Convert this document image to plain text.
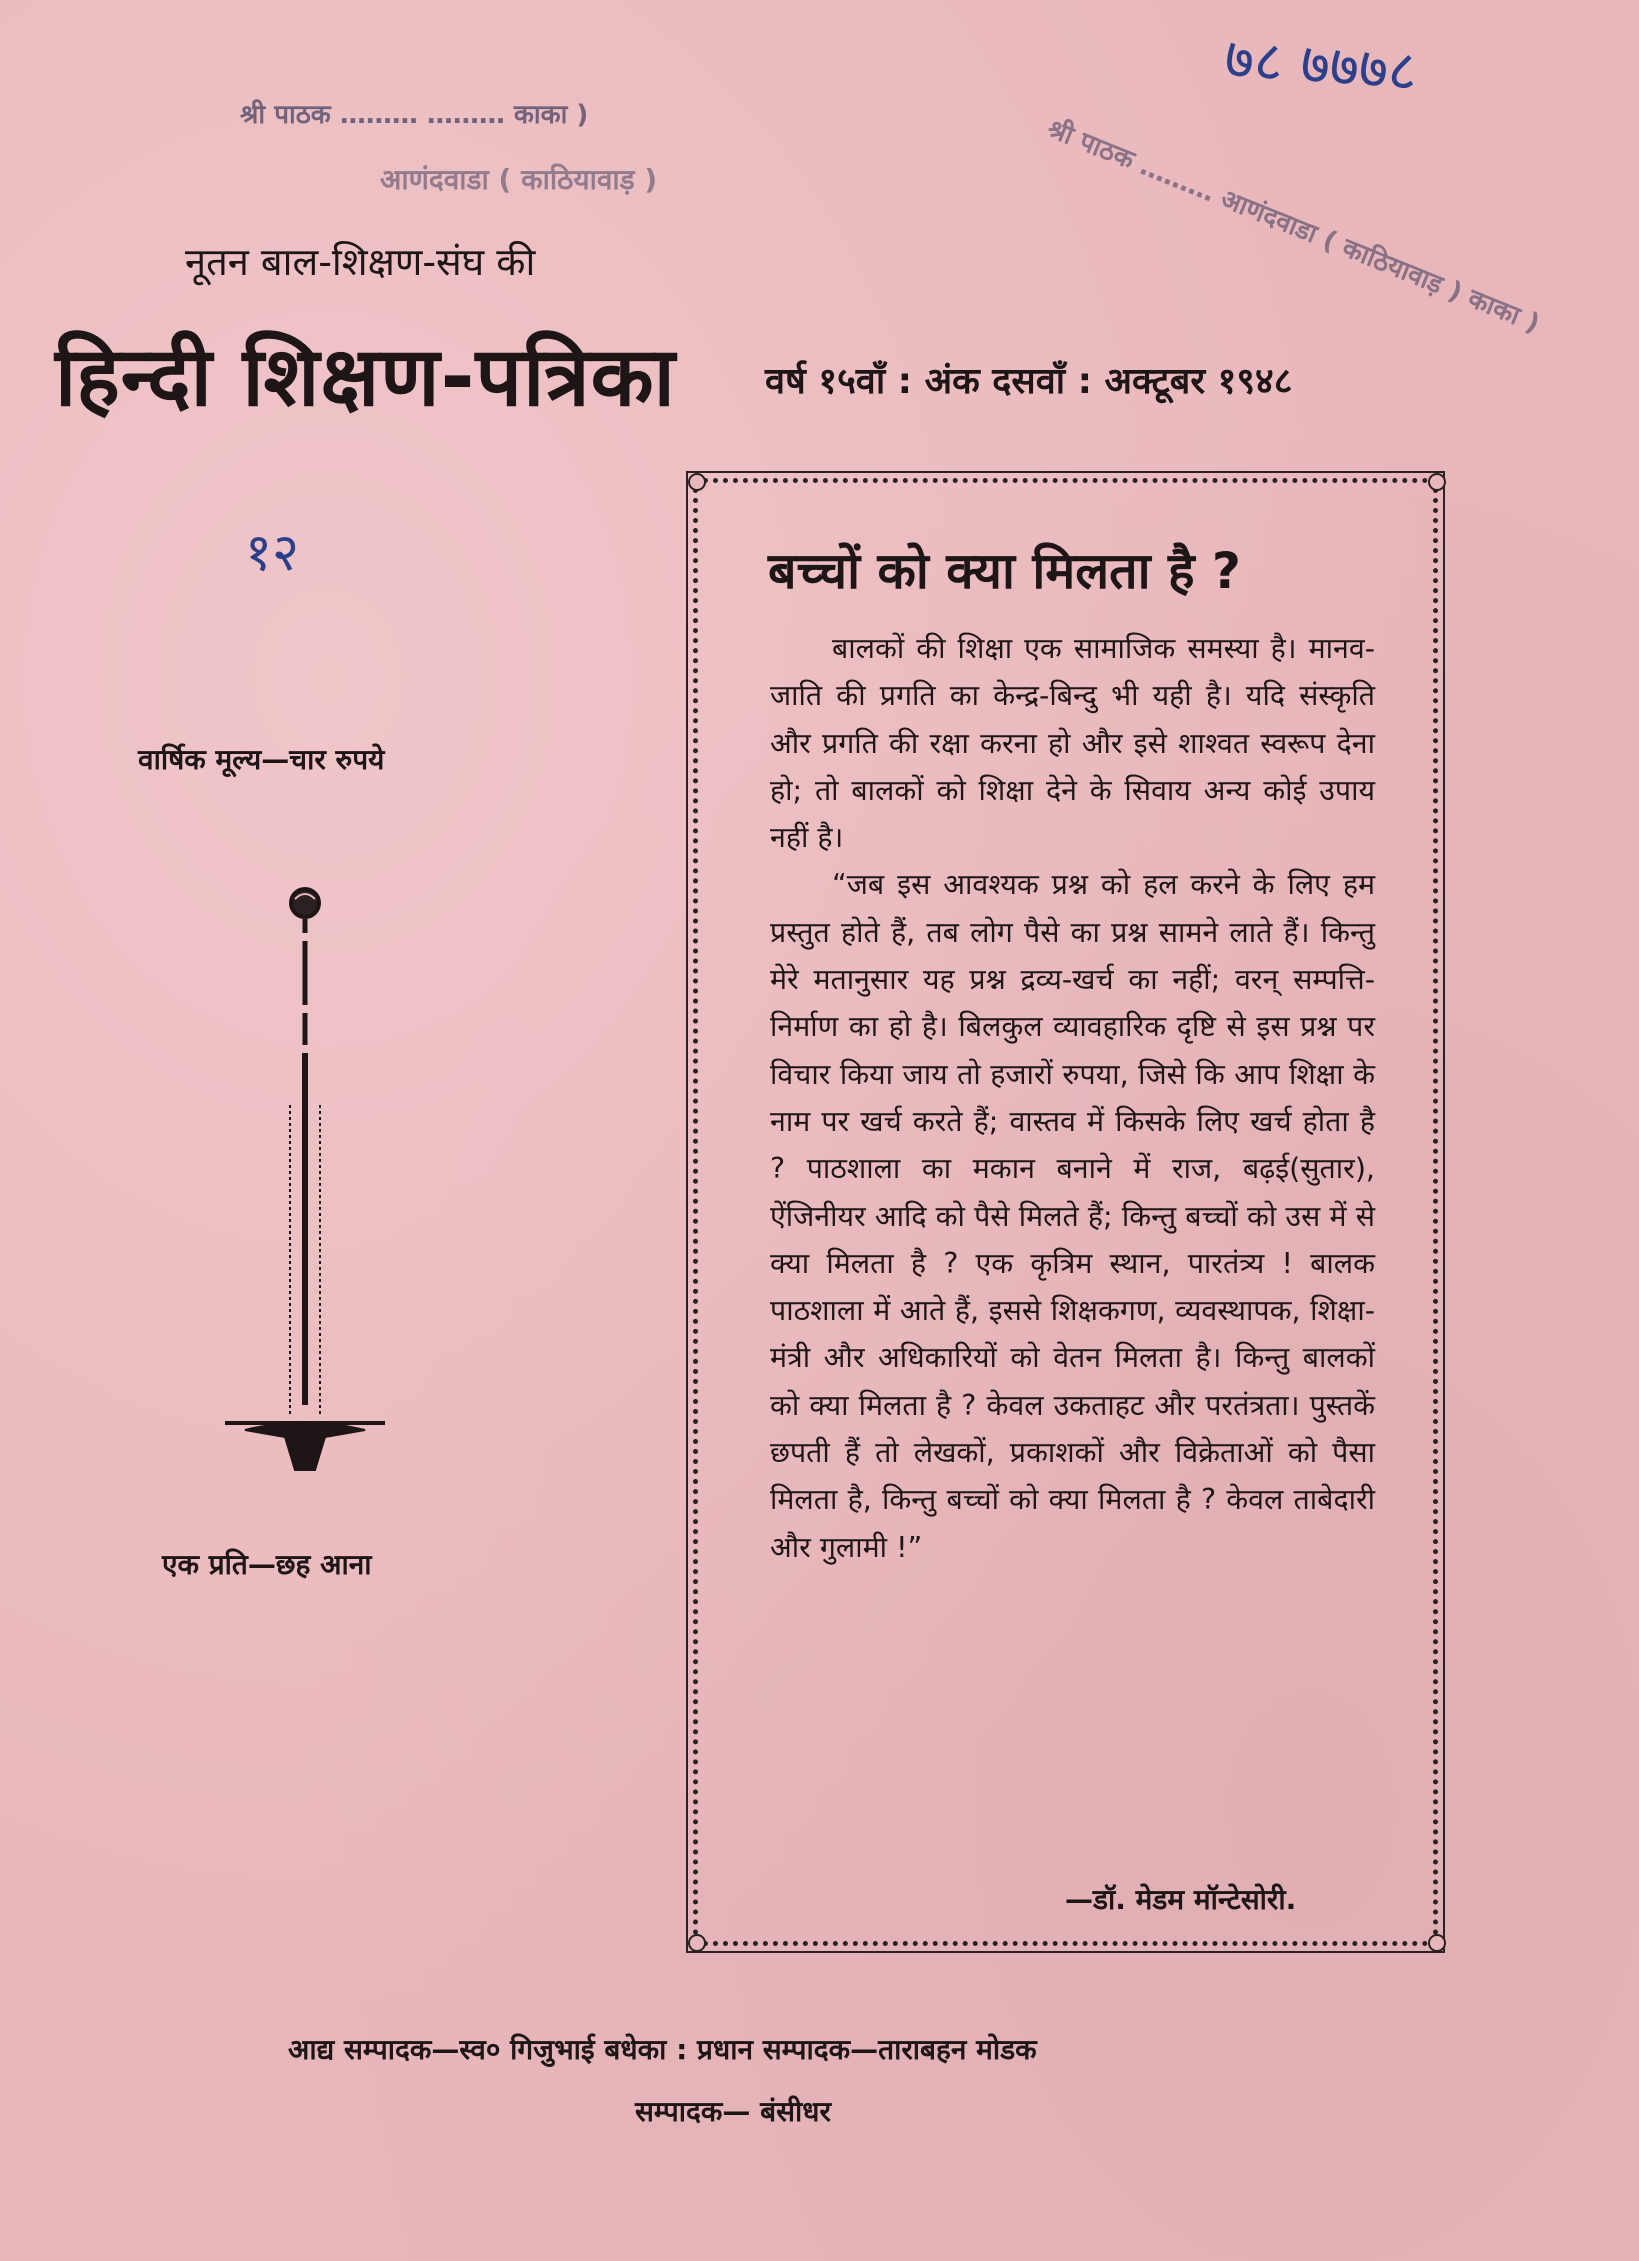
श्री पाठक ……… ……… काका )
आणंदवाडा ( काठियावाड़ )	श्री पाठक ……… आणंदवाडा ( काठियावाड़ ) काका )
७८ ७७७८
१२
नूतन बाल-शिक्षण-संघ की
हिन्दी शिक्षण-पत्रिका वर्ष १५वाँ : अंक दसवाँ : अक्टूबर १९४८
वार्षिक मूल्य—चार रुपये
एक प्रति—छह आना
बच्चों को क्या मिलता है ?

बालकों की शिक्षा एक सामाजिक समस्या है। मानव-जाति की प्रगति का केन्द्र-बिन्दु भी यही है। यदि संस्कृति और प्रगति की रक्षा करना हो और इसे शाश्वत स्वरूप देना हो; तो बालकों को शिक्षा देने के सिवाय अन्य कोई उपाय नहीं है।

“जब इस आवश्यक प्रश्न को हल करने के लिए हम प्रस्तुत होते हैं, तब लोग पैसे का प्रश्न सामने लाते हैं। किन्तु मेरे मतानुसार यह प्रश्न द्रव्य-खर्च का नहीं; वरन् सम्पत्ति-निर्माण का हो है। बिलकुल व्यावहारिक दृष्टि से इस प्रश्न पर विचार किया जाय तो हजारों रुपया, जिसे कि आप शिक्षा के नाम पर खर्च करते हैं; वास्तव में किसके लिए खर्च होता है ? पाठशाला का मकान बनाने में राज, बढ़ई(सुतार), ऐंजिनीयर आदि को पैसे मिलते हैं; किन्तु बच्चों को उस में से क्या मिलता है ? एक कृत्रिम स्थान, पारतंत्र्य ! बालक पाठशाला में आते हैं, इससे शिक्षकगण, व्यवस्थापक, शिक्षा-मंत्री और अधिकारियों को वेतन मिलता है। किन्तु बालकों को क्या मिलता है ? केवल उकताहट और परतंत्रता। पुस्तकें छपती हैं तो लेखकों, प्रकाशकों और विक्रेताओं को पैसा मिलता है, किन्तु बच्चों को क्या मिलता है ? केवल ताबेदारी और गुलामी !”

—डॉ. मेडम मॉन्टेसोरी.
आद्य सम्पादक—स्व० गिजुभाई बधेका : प्रधान सम्पादक—ताराबहन मोडक
सम्पादक— बंसीधर
